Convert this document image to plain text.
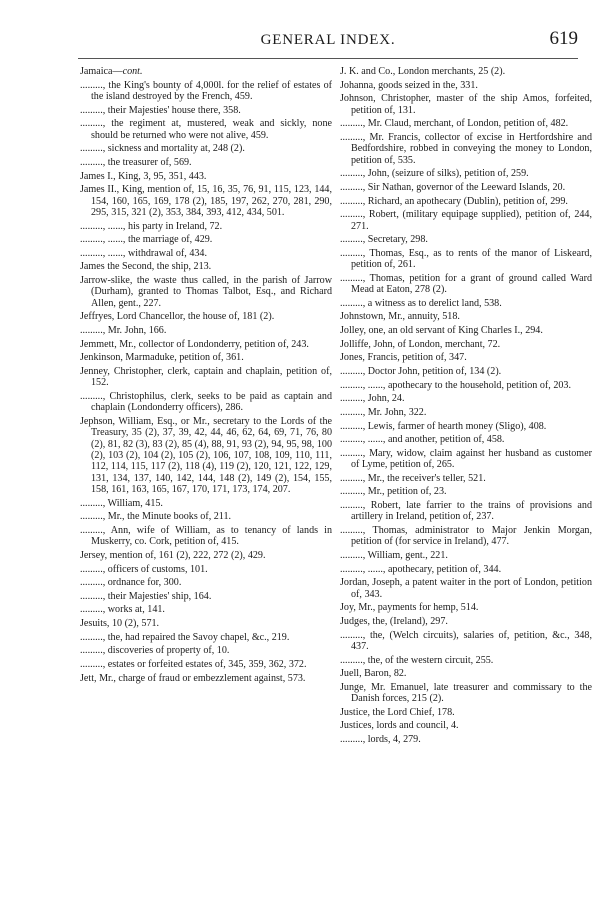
GENERAL INDEX.	619

Jamaica—cont.

........., the King's bounty of 4,000l. for the relief of estates of the island destroyed by the French, 459.

........., their Majesties' house there, 358.

........., the regiment at, mustered, weak and sickly, none should be returned who were not alive, 459.

........., sickness and mortality at, 248 (2).

........., the treasurer of, 569.

James I., King, 3, 95, 351, 443.

James II., King, mention of, 15, 16, 35, 76, 91, 115, 123, 144, 154, 160, 165, 169, 178 (2), 185, 197, 262, 270, 281, 290, 295, 315, 321 (2), 353, 384, 393, 412, 434, 501.

........., ......, his party in Ireland, 72.

........., ......, the marriage of, 429.

........., ......, withdrawal of, 434.

James the Second, the ship, 213.

Jarrow-slike, the waste thus called, in the parish of Jarrow (Durham), granted to Thomas Talbot, Esq., and Richard Allen, gent., 227.

Jeffryes, Lord Chancellor, the house of, 181 (2).

........., Mr. John, 166.

Jemmett, Mr., collector of Londonderry, petition of, 243.

Jenkinson, Marmaduke, petition of, 361.

Jenney, Christopher, clerk, captain and chaplain, petition of, 152.

........., Christophilus, clerk, seeks to be paid as captain and chaplain (Londonderry officers), 286.

Jephson, William, Esq., or Mr., secretary to the Lords of the Treasury, 35 (2), 37, 39, 42, 44, 46, 62, 64, 69, 71, 76, 80 (2), 81, 82 (3), 83 (2), 85 (4), 88, 91, 93 (2), 94, 95, 98, 100 (2), 103 (2), 104 (2), 105 (2), 106, 107, 108, 109, 110, 111, 112, 114, 115, 117 (2), 118 (4), 119 (2), 120, 121, 122, 129, 131, 134, 137, 140, 142, 144, 148 (2), 149 (2), 154, 155, 158, 161, 163, 165, 167, 170, 171, 173, 174, 207.

........., William, 415.

........., Mr., the Minute books of, 211.

........., Ann, wife of William, as to tenancy of lands in Muskerry, co. Cork, petition of, 415.

Jersey, mention of, 161 (2), 222, 272 (2), 429.

........., officers of customs, 101.

........., ordnance for, 300.

........., their Majesties' ship, 164.

........., works at, 141.

Jesuits, 10 (2), 571.

........., the, had repaired the Savoy chapel, &c., 219.

........., discoveries of property of, 10.

........., estates or forfeited estates of, 345, 359, 362, 372.

Jett, Mr., charge of fraud or embezzlement against, 573.

J. K. and Co., London merchants, 25 (2).

Johanna, goods seized in the, 331.

Johnson, Christopher, master of the ship Amos, forfeited, petition of, 131.

........., Mr. Claud, merchant, of London, petition of, 482.

........., Mr. Francis, collector of excise in Hertfordshire and Bedfordshire, robbed in conveying the money to London, petition of, 535.

........., John, (seizure of silks), petition of, 259.

........., Sir Nathan, governor of the Leeward Islands, 20.

........., Richard, an apothecary (Dublin), petition of, 299.

........., Robert, (military equipage supplied), petition of, 244, 271.

........., Secretary, 298.

........., Thomas, Esq., as to rents of the manor of Liskeard, petition of, 261.

........., Thomas, petition for a grant of ground called Ward Mead at Eaton, 278 (2).

........., a witness as to derelict land, 538.

Johnstown, Mr., annuity, 518.

Jolley, one, an old servant of King Charles I., 294.

Jolliffe, John, of London, merchant, 72.

Jones, Francis, petition of, 347.

........., Doctor John, petition of, 134 (2).

........., ......, apothecary to the household, petition of, 203.

........., John, 24.

........., Mr. John, 322.

........., Lewis, farmer of hearth money (Sligo), 408.

........., ......, and another, petition of, 458.

........., Mary, widow, claim against her husband as customer of Lyme, petition of, 265.

........., Mr., the receiver's teller, 521.

........., Mr., petition of, 23.

........., Robert, late farrier to the trains of provisions and artillery in Ireland, petition of, 237.

........., Thomas, administrator to Major Jenkin Morgan, petition of (for service in Ireland), 477.

........., William, gent., 221.

........., ......, apothecary, petition of, 344.

Jordan, Joseph, a patent waiter in the port of London, petition of, 343.

Joy, Mr., payments for hemp, 514.

Judges, the, (Ireland), 297.

........., the, (Welch circuits), salaries of, petition, &c., 348, 437.

........., the, of the western circuit, 255.

Juell, Baron, 82.

Junge, Mr. Emanuel, late treasurer and commissary to the Danish forces, 215 (2).

Justice, the Lord Chief, 178.

Justices, lords and council, 4.

........., lords, 4, 279.
